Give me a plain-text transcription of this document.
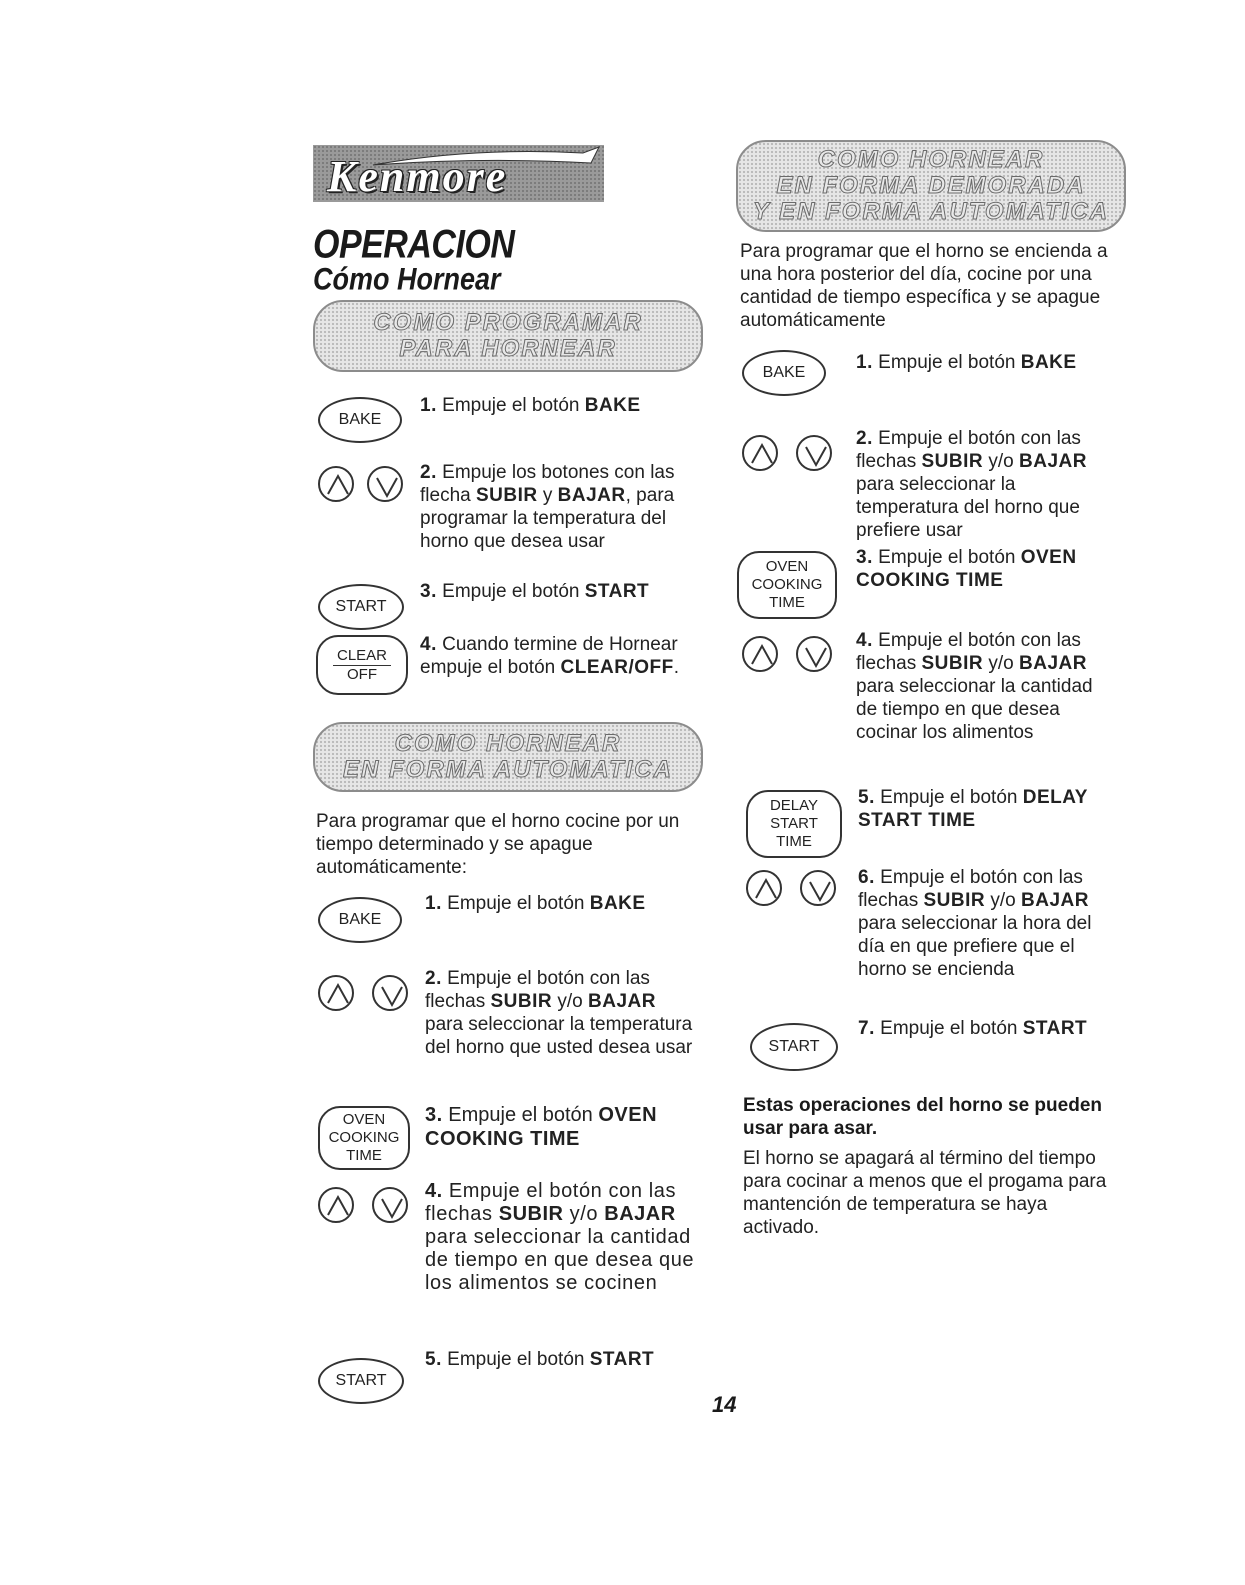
Kenmore
OPERACION
Cómo Hornear
COMO PROGRAMAR
PARA HORNEAR
BAKE
1. Empuje el botón BAKE
2. Empuje los botones con las flecha SUBIR y BAJAR, para programar la temperatura del horno que desea usar
START
3. Empuje el botón START
CLEAR
OFF
4. Cuando termine de Hornear empuje el botón CLEAR/OFF.
COMO HORNEAR
EN FORMA AUTOMATICA
Para programar que el horno cocine por un tiempo determinado y se apague automáticamente:
BAKE
1. Empuje el botón BAKE
2. Empuje el botón con las flechas SUBIR y/o BAJAR para seleccionar la temperatura del horno que usted desea usar
OVEN
COOKING
TIME
3. Empuje el botón OVEN COOKING TIME
4. Empuje el botón con las flechas SUBIR y/o BAJAR para seleccionar la cantidad de tiempo en que desea que los alimentos se cocinen
START
5. Empuje el botón START
COMO HORNEAR
EN FORMA DEMORADA
Y EN FORMA AUTOMATICA
Para programar que el horno se encienda a una hora posterior del día, cocine por una cantidad de tiempo específica y se apague automáticamente
BAKE	1. Empuje el botón BAKE
2. Empuje el botón con las flechas SUBIR y/o BAJAR para seleccionar la temperatura del horno que prefiere usar
OVEN
COOKING
TIME
3. Empuje el botón OVEN COOKING TIME
4. Empuje el botón con las flechas SUBIR y/o BAJAR para seleccionar la cantidad de tiempo en que desea cocinar los alimentos
DELAY
START
TIME
5. Empuje el botón DELAY START TIME
6. Empuje el botón con las flechas SUBIR y/o BAJAR para seleccionar la hora del día en que prefiere que el horno se encienda
START
7. Empuje el botón START
Estas operaciones del horno se pueden usar para asar.
El horno se apagará al término del tiempo para cocinar a menos que el progama para mantención de temperatura se haya activado.
14
